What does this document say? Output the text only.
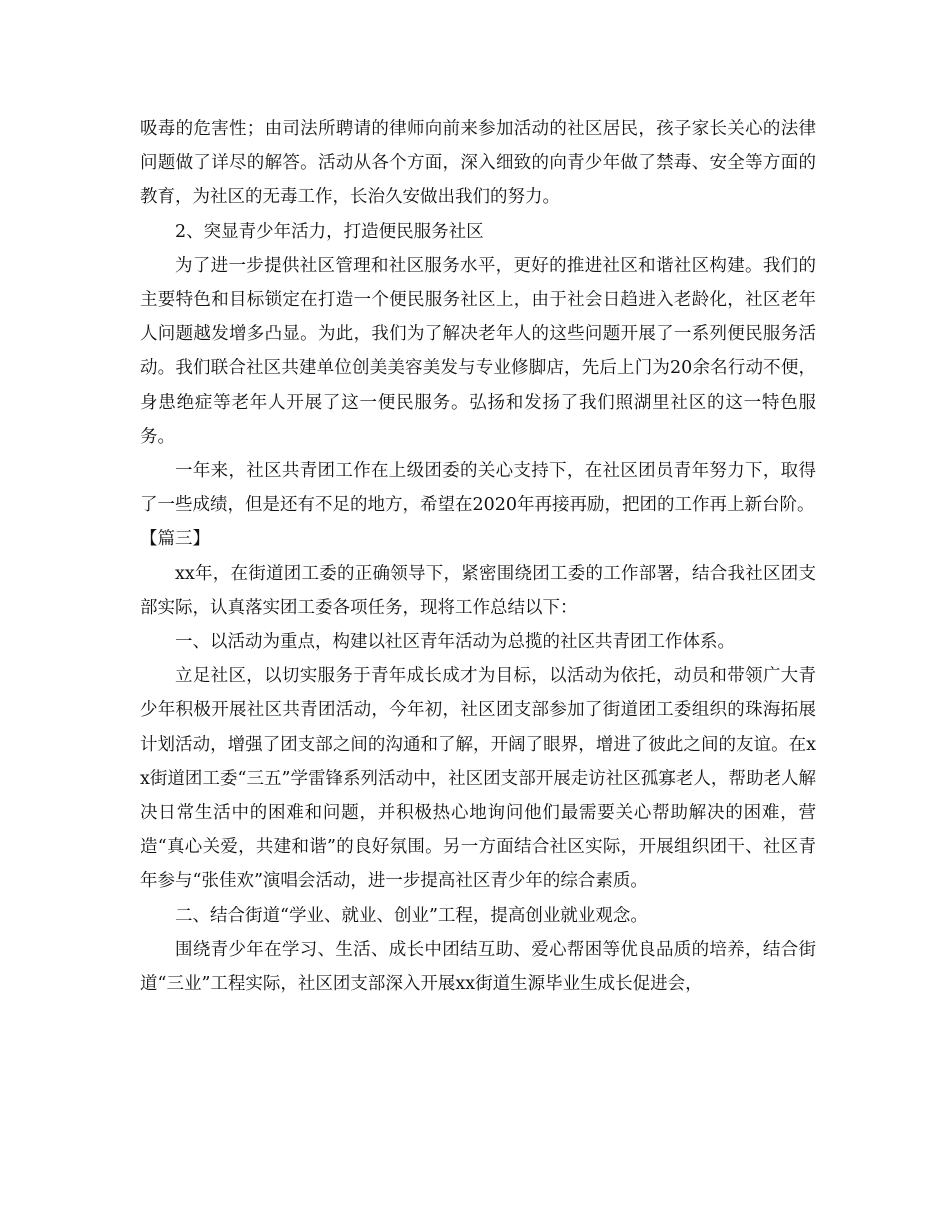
吸毒的危害性；由司法所聘请的律师向前来参加活动的社区居民，孩子家长关心的法律问题做了详尽的解答。活动从各个方面，深入细致的向青少年做了禁毒、安全等方面的教育，为社区的无毒工作，长治久安做出我们的努力。

2、突显青少年活力，打造便民服务社区

为了进一步提供社区管理和社区服务水平，更好的推进社区和谐社区构建。我们的主要特色和目标锁定在打造一个便民服务社区上，由于社会日趋进入老龄化，社区老年人问题越发增多凸显。为此，我们为了解决老年人的这些问题开展了一系列便民服务活动。我们联合社区共建单位创美美容美发与专业修脚店，先后上门为20余名行动不便，身患绝症等老年人开展了这一便民服务。弘扬和发扬了我们照湖里社区的这一特色服务。

一年来，社区共青团工作在上级团委的关心支持下，在社区团员青年努力下，取得了一些成绩，但是还有不足的地方，希望在2020年再接再励，把团的工作再上新台阶。

【篇三】

xx年，在街道团工委的正确领导下，紧密围绕团工委的工作部署，结合我社区团支部实际，认真落实团工委各项任务，现将工作总结以下：

一、以活动为重点，构建以社区青年活动为总揽的社区共青团工作体系。

立足社区，以切实服务于青年成长成才为目标，以活动为依托，动员和带领广大青少年积极开展社区共青团活动，今年初，社区团支部参加了街道团工委组织的珠海拓展计划活动，增强了团支部之间的沟通和了解，开阔了眼界，增进了彼此之间的友谊。在xx街道团工委“三五”学雷锋系列活动中，社区团支部开展走访社区孤寡老人，帮助老人解决日常生活中的困难和问题，并积极热心地询问他们最需要关心帮助解决的困难，营造“真心关爱，共建和谐”的良好氛围。另一方面结合社区实际，开展组织团干、社区青年参与“张佳欢”演唱会活动，进一步提高社区青少年的综合素质。

二、结合街道“学业、就业、创业”工程，提高创业就业观念。

围绕青少年在学习、生活、成长中团结互助、爱心帮困等优良品质的培养，结合街道“三业”工程实际，社区团支部深入开展xx街道生源毕业生成长促进会，
